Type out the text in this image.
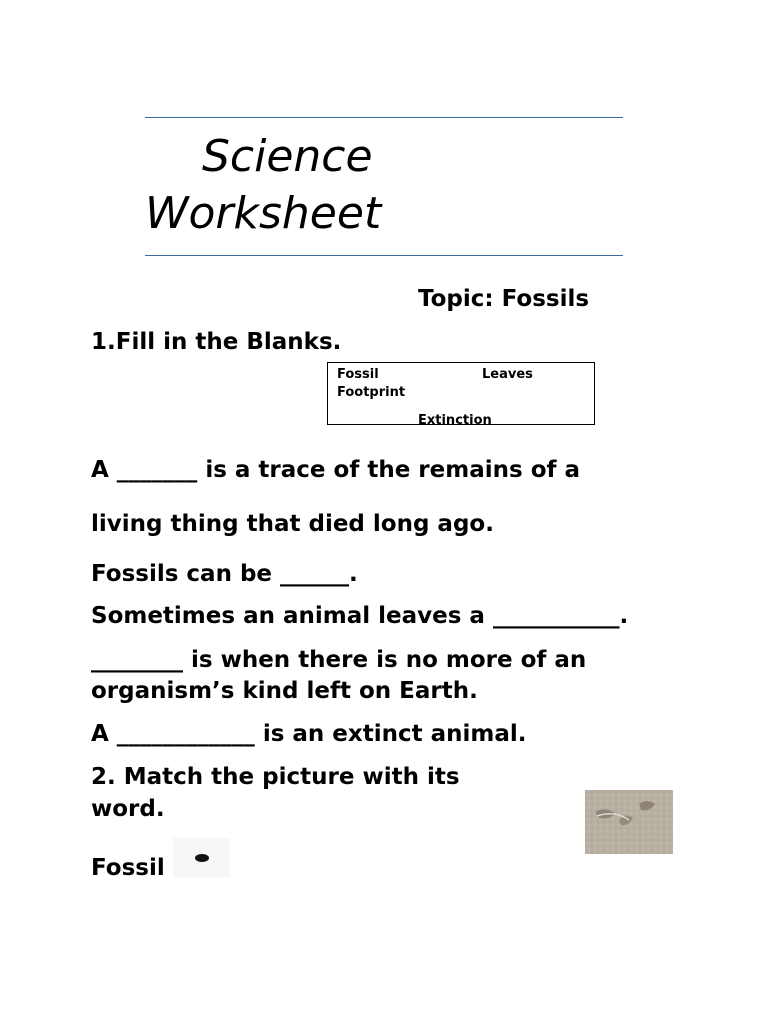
Science
Worksheet
Topic: Fossils
1.Fill in the Blanks.
Fossil	Leaves
Footprint
Extinction
A _______ is a trace of the remains of a
living thing that died long ago.
Fossils can be ______.
Sometimes an animal leaves a ___________.
________ is when there is no more of an
organism’s kind left on Earth.
A ____________ is an extinct animal.
2. Match the picture with its
word.
Fossil
